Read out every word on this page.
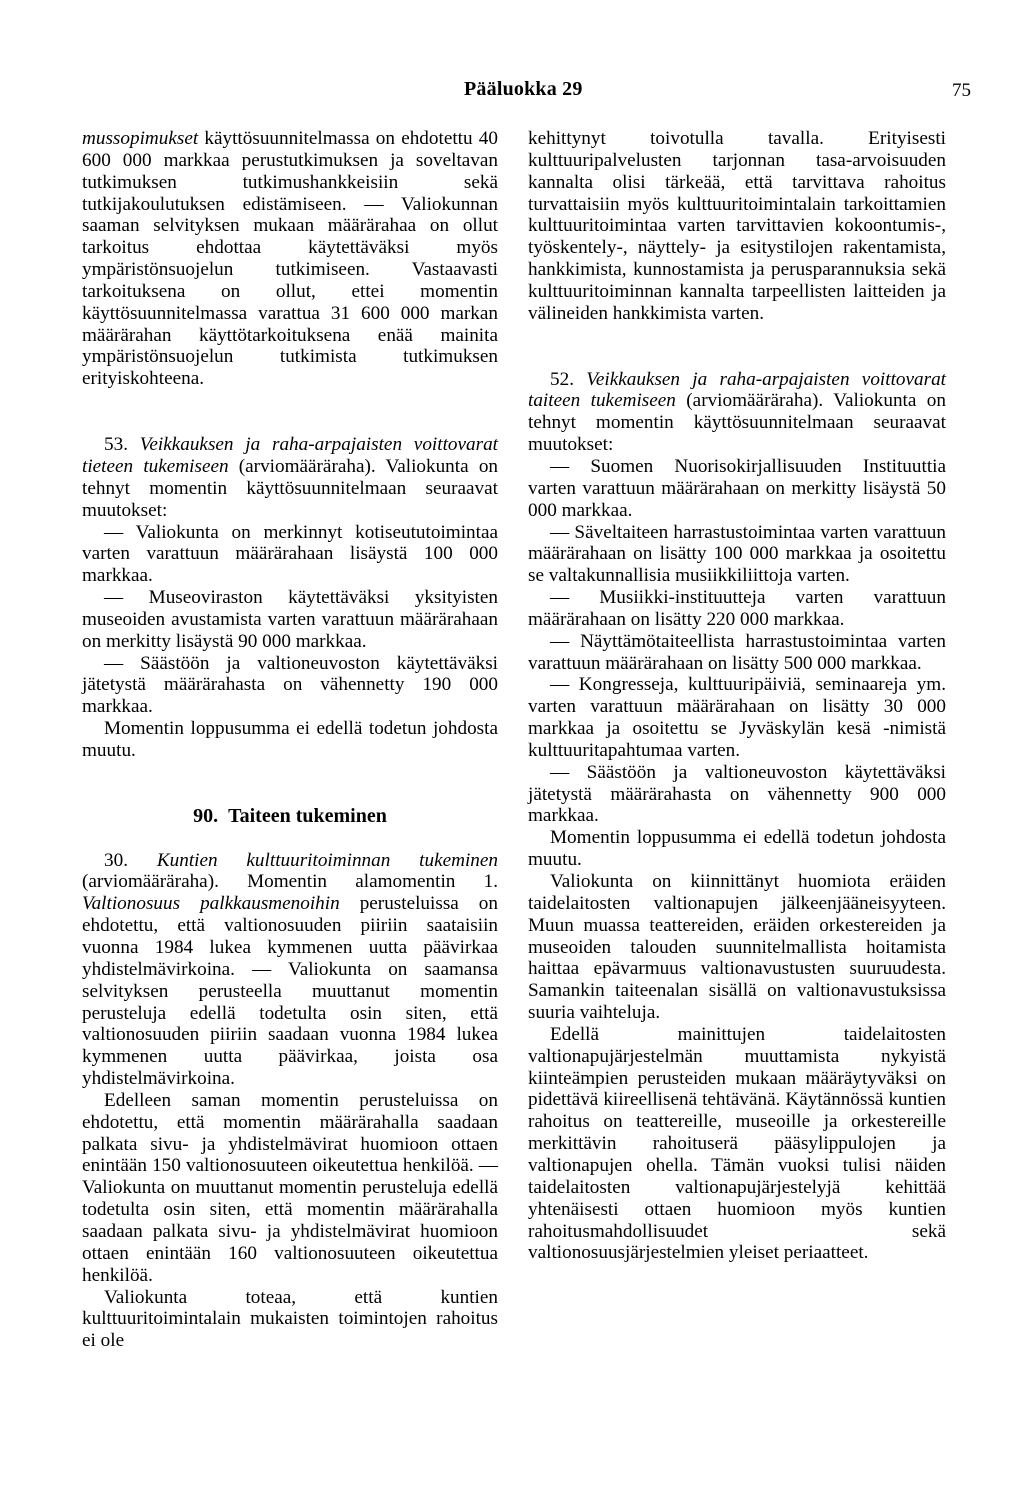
Pääluokka 29	75

mussopimukset käyttösuunnitelmassa on ehdotettu 40 600 000 markkaa perustutkimuksen ja soveltavan tutkimuksen tutkimushankkeisiin sekä tutkijakoulutuksen edistämiseen. — Valiokunnan saaman selvityksen mukaan määrärahaa on ollut tarkoitus ehdottaa käytettäväksi myös ympäristönsuojelun tutkimiseen. Vastaavasti tarkoituksena on ollut, ettei momentin käyttösuunnitelmassa varattua 31 600 000 markan määrärahan käyttötarkoituksena enää mainita ympäristönsuojelun tutkimista tutkimuksen erityiskohteena.

53. Veikkauksen ja raha-arpajaisten voittovarat tieteen tukemiseen (arviomääräraha). Valiokunta on tehnyt momentin käyttösuunnitelmaan seuraavat muutokset:

— Valiokunta on merkinnyt kotiseututoimintaa varten varattuun määrärahaan lisäystä 100 000 markkaa.

— Museoviraston käytettäväksi yksityisten museoiden avustamista varten varattuun määrärahaan on merkitty lisäystä 90 000 markkaa.

— Säästöön ja valtioneuvoston käytettäväksi jätetystä määrärahasta on vähennetty 190 000 markkaa.

Momentin loppusumma ei edellä todetun johdosta muutu.

90. Taiteen tukeminen

30. Kuntien kulttuuritoiminnan tukeminen (arviomääräraha). Momentin alamomentin 1. Valtionosuus palkkausmenoihin perusteluissa on ehdotettu, että valtionosuuden piiriin saataisiin vuonna 1984 lukea kymmenen uutta päävirkaa yhdistelmävirkoina. — Valiokunta on saamansa selvityksen perusteella muuttanut momentin perusteluja edellä todetulta osin siten, että valtionosuuden piiriin saadaan vuonna 1984 lukea kymmenen uutta päävirkaa, joista osa yhdistelmävirkoina.

Edelleen saman momentin perusteluissa on ehdotettu, että momentin määrärahalla saadaan palkata sivu- ja yhdistelmävirat huomioon ottaen enintään 150 valtionosuuteen oikeutettua henkilöä. — Valiokunta on muuttanut momentin perusteluja edellä todetulta osin siten, että momentin määrärahalla saadaan palkata sivu- ja yhdistelmävirat huomioon ottaen enintään 160 valtionosuuteen oikeutettua henkilöä.

Valiokunta toteaa, että kuntien kulttuuritoimintalain mukaisten toimintojen rahoitus ei ole

kehittynyt toivotulla tavalla. Erityisesti kulttuuripalvelusten tarjonnan tasa-arvoisuuden kannalta olisi tärkeää, että tarvittava rahoitus turvattaisiin myös kulttuuritoimintalain tarkoittamien kulttuuritoimintaa varten tarvittavien kokoontumis-, työskentely-, näyttely- ja esitystilojen rakentamista, hankkimista, kunnostamista ja perusparannuksia sekä kulttuuritoiminnan kannalta tarpeellisten laitteiden ja välineiden hankkimista varten.

52. Veikkauksen ja raha-arpajaisten voittovarat taiteen tukemiseen (arviomääräraha). Valiokunta on tehnyt momentin käyttösuunnitelmaan seuraavat muutokset:

— Suomen Nuorisokirjallisuuden Instituuttia varten varattuun määrärahaan on merkitty lisäystä 50 000 markkaa.

— Säveltaiteen harrastustoimintaa varten varattuun määrärahaan on lisätty 100 000 markkaa ja osoitettu se valtakunnallisia musiikkiliittoja varten.

— Musiikki-instituutteja varten varattuun määrärahaan on lisätty 220 000 markkaa.

— Näyttämötaiteellista harrastustoimintaa varten varattuun määrärahaan on lisätty 500 000 markkaa.

— Kongresseja, kulttuuripäiviä, seminaareja ym. varten varattuun määrärahaan on lisätty 30 000 markkaa ja osoitettu se Jyväskylän kesä -nimistä kulttuuritapahtumaa varten.

— Säästöön ja valtioneuvoston käytettäväksi jätetystä määrärahasta on vähennetty 900 000 markkaa.

Momentin loppusumma ei edellä todetun johdosta muutu.

Valiokunta on kiinnittänyt huomiota eräiden taidelaitosten valtionapujen jälkeenjääneisyyteen. Muun muassa teattereiden, eräiden orkestereiden ja museoiden talouden suunnitelmallista hoitamista haittaa epävarmuus valtionavustusten suuruudesta. Samankin taiteenalan sisällä on valtionavustuksissa suuria vaihteluja.

Edellä mainittujen taidelaitosten valtionapujärjestelmän muuttamista nykyistä kiinteämpien perusteiden mukaan määräytyväksi on pidettävä kiireellisenä tehtävänä. Käytännössä kuntien rahoitus on teattereille, museoille ja orkestereille merkittävin rahoituserä pääsylippulojen ja valtionapujen ohella. Tämän vuoksi tulisi näiden taidelaitosten valtionapujärjestelyjä kehittää yhtenäisesti ottaen huomioon myös kuntien rahoitusmahdollisuudet sekä valtionosuusjärjestelmien yleiset periaatteet.
